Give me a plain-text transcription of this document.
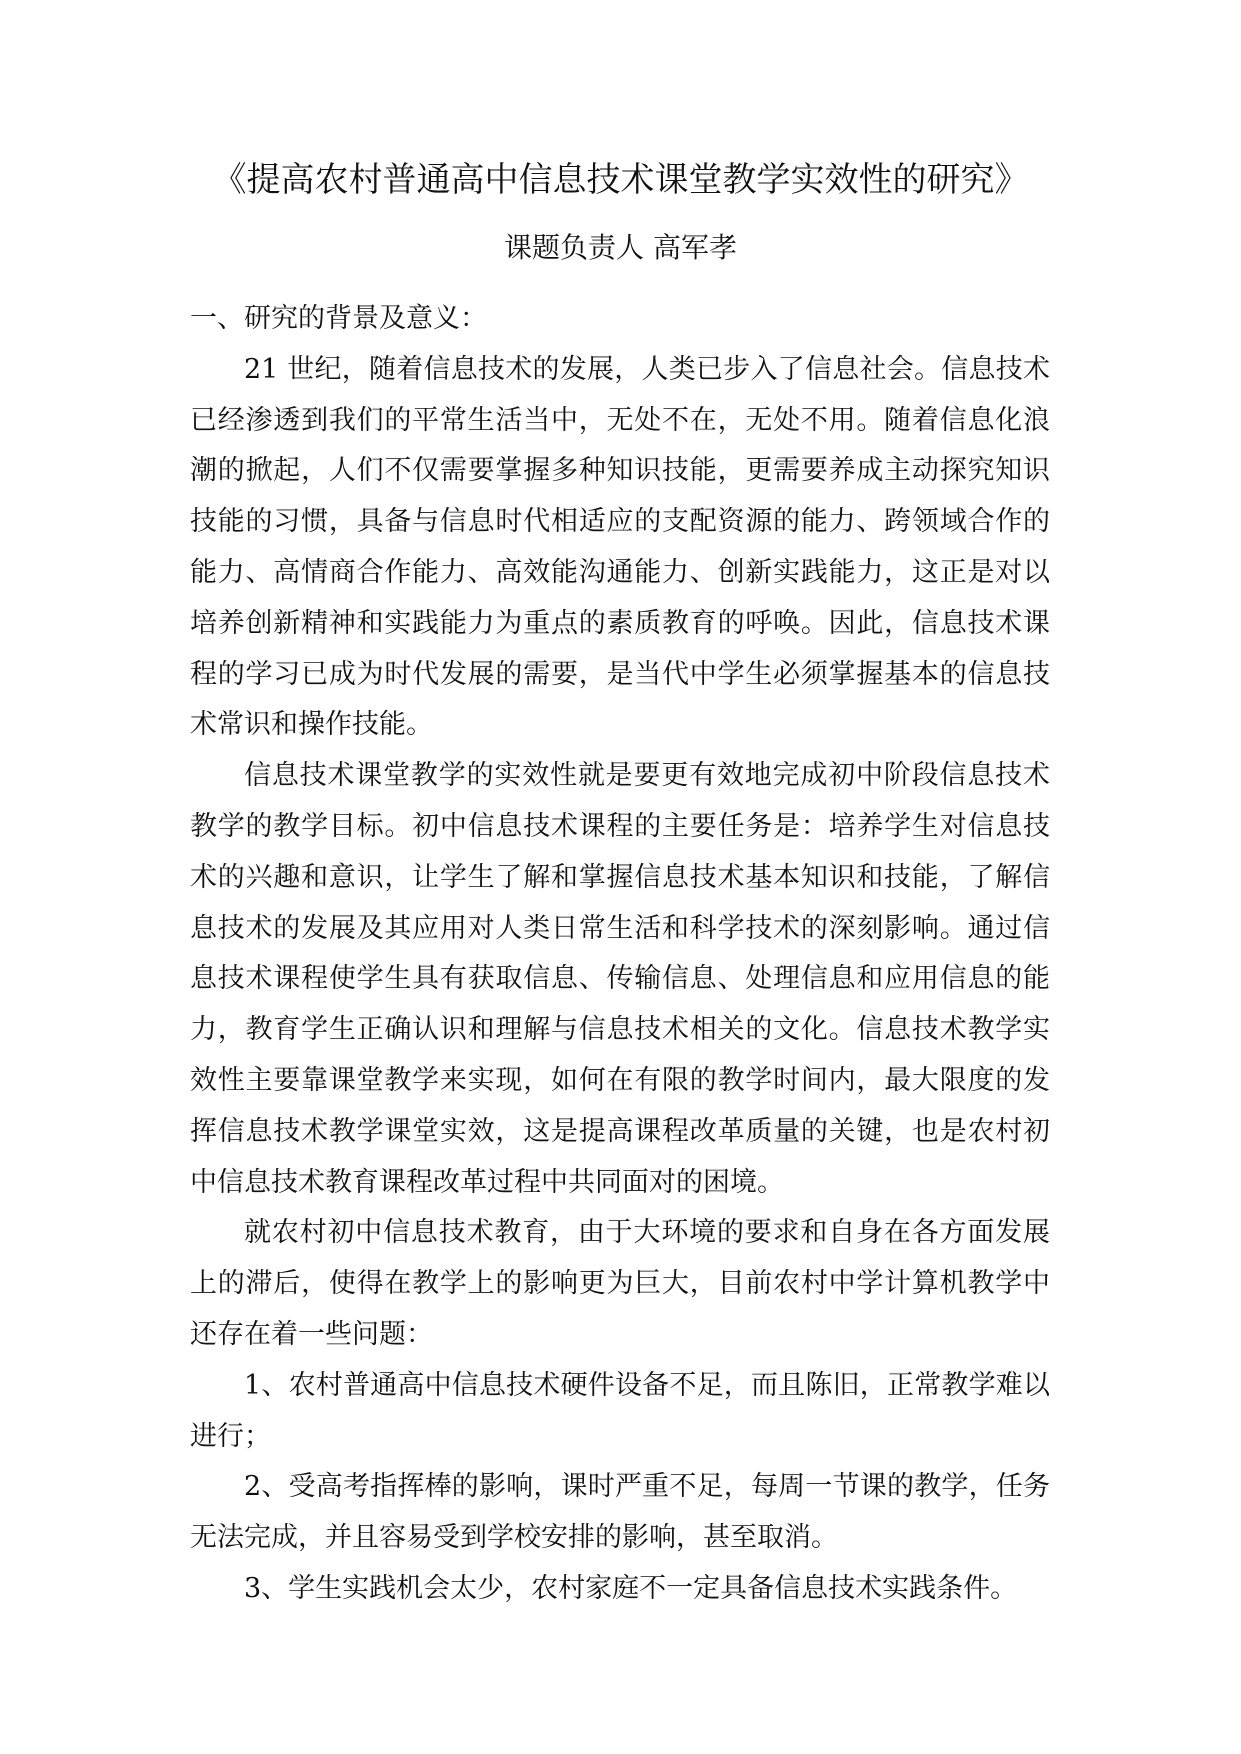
《提高农村普通高中信息技术课堂教学实效性的研究》
课题负责人 高军孝

一、研究的背景及意义：

21 世纪，随着信息技术的发展，人类已步入了信息社会。信息技术已经渗透到我们的平常生活当中，无处不在，无处不用。随着信息化浪潮的掀起，人们不仅需要掌握多种知识技能，更需要养成主动探究知识技能的习惯，具备与信息时代相适应的支配资源的能力、跨领域合作的能力、高情商合作能力、高效能沟通能力、创新实践能力，这正是对以培养创新精神和实践能力为重点的素质教育的呼唤。因此，信息技术课程的学习已成为时代发展的需要，是当代中学生必须掌握基本的信息技术常识和操作技能。

信息技术课堂教学的实效性就是要更有效地完成初中阶段信息技术教学的教学目标。初中信息技术课程的主要任务是：培养学生对信息技术的兴趣和意识，让学生了解和掌握信息技术基本知识和技能，了解信息技术的发展及其应用对人类日常生活和科学技术的深刻影响。通过信息技术课程使学生具有获取信息、传输信息、处理信息和应用信息的能力，教育学生正确认识和理解与信息技术相关的文化。信息技术教学实效性主要靠课堂教学来实现，如何在有限的教学时间内，最大限度的发挥信息技术教学课堂实效，这是提高课程改革质量的关键，也是农村初中信息技术教育课程改革过程中共同面对的困境。

就农村初中信息技术教育，由于大环境的要求和自身在各方面发展上的滞后，使得在教学上的影响更为巨大，目前农村中学计算机教学中还存在着一些问题：

1、农村普通高中信息技术硬件设备不足，而且陈旧，正常教学难以进行；

2、受高考指挥棒的影响，课时严重不足，每周一节课的教学，任务无法完成，并且容易受到学校安排的影响，甚至取消。

3、学生实践机会太少，农村家庭不一定具备信息技术实践条件。
